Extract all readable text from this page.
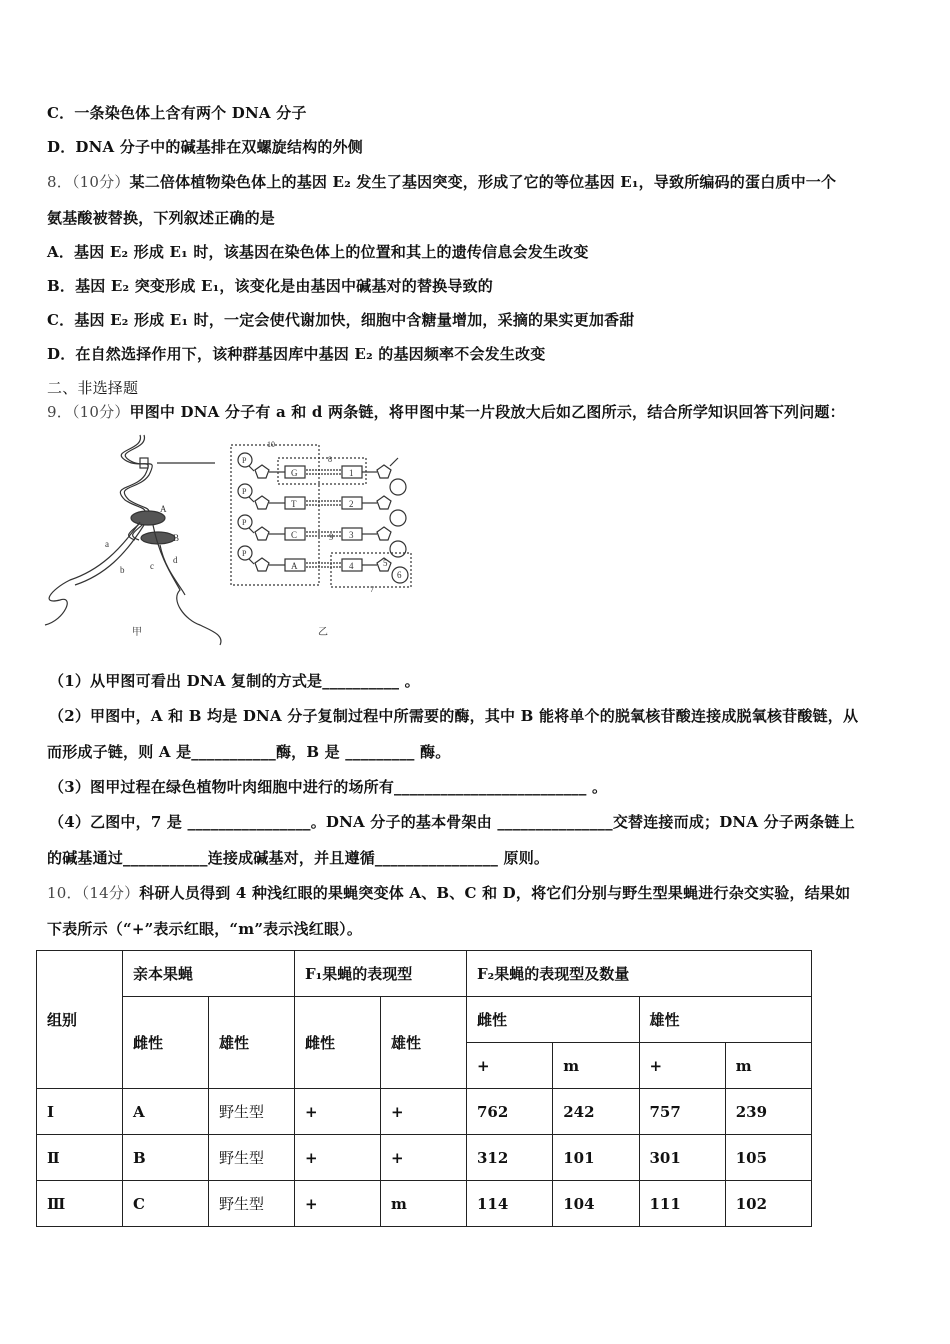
C．一条染色体上含有两个 DNA 分子
D．DNA 分子中的碱基排在双螺旋结构的外侧
8．（10分）某二倍体植物染色体上的基因 E₂ 发生了基因突变，形成了它的等位基因 E₁，导致所编码的蛋白质中一个
氨基酸被替换，下列叙述正确的是
A．基因 E₂ 形成 E₁ 时，该基因在染色体上的位置和其上的遗传信息会发生改变
B．基因 E₂ 突变形成 E₁，该变化是由基因中碱基对的替换导致的
C．基因 E₂ 形成 E₁ 时，一定会使代谢加快，细胞中含糖量增加，采摘的果实更加香甜
D．在自然选择作用下，该种群基因库中基因 E₂ 的基因频率不会发生改变
二、非选择题
9．（10分）甲图中 DNA 分子有 a 和 d 两条链，将甲图中某一片段放大后如乙图所示，结合所学知识回答下列问题：
A
B
a
b	c
d
甲
P
G	1
P
T	2
P
C	3
P
A	4
10
8
9
5
6
7
乙
（1）从甲图可看出 DNA 复制的方式是__________ 。
（2）甲图中，A 和 B 均是 DNA 分子复制过程中所需要的酶，其中 B 能将单个的脱氧核苷酸连接成脱氧核苷酸链，从
而形成子链，则 A 是___________酶，B 是 _________ 酶。
（3）图甲过程在绿色植物叶肉细胞中进行的场所有_________________________ 。
（4）乙图中，7 是 ________________。DNA 分子的基本骨架由 _______________交替连接而成；DNA 分子两条链上
的碱基通过___________连接成碱基对，并且遵循________________ 原则。
10．（14分）科研人员得到 4 种浅红眼的果蝇突变体 A、B、C 和 D，将它们分别与野生型果蝇进行杂交实验，结果如
下表所示（“+”表示红眼，“m”表示浅红眼）。
组别	亲本果蝇		F₁果蝇的表现型		F₂果蝇的表现型及数量			
	雌性	雄性	雌性	雄性	雌性		雄性	
					+	m	+	m
Ⅰ	A	野生型	+	+	762	242	757	239
Ⅱ	B	野生型	+	+	312	101	301	105
Ⅲ	C	野生型	+	m	114	104	111	102
